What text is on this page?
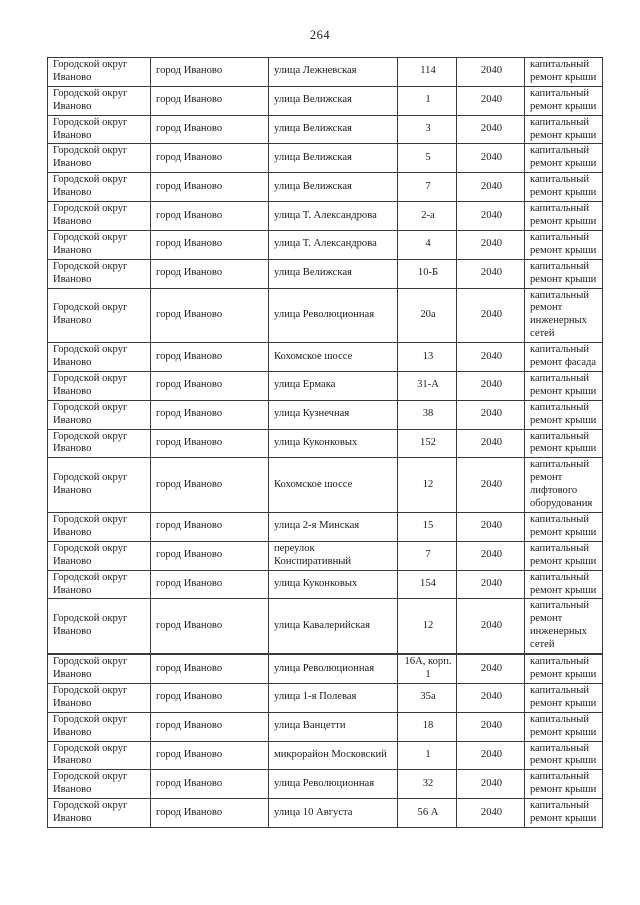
264
Городской округ Иваново	город Иваново	улица Лежневская	114	2040	капитальный ремонт крыши
Городской округ Иваново	город Иваново	улица Велижская	1	2040	капитальный ремонт крыши
Городской округ Иваново	город Иваново	улица Велижская	3	2040	капитальный ремонт крыши
Городской округ Иваново	город Иваново	улица Велижская	5	2040	капитальный ремонт крыши
Городской округ Иваново	город Иваново	улица Велижская	7	2040	капитальный ремонт крыши
Городской округ Иваново	город Иваново	улица Т. Александрова	2-а	2040	капитальный ремонт крыши
Городской округ Иваново	город Иваново	улица Т. Александрова	4	2040	капитальный ремонт крыши
Городской округ Иваново	город Иваново	улица Велижская	10-Б	2040	капитальный ремонт крыши
Городской округ Иваново	город Иваново	улица Революционная	20а	2040	капитальный ремонт инженерных сетей
Городской округ Иваново	город Иваново	Кохомское шоссе	13	2040	капитальный ремонт фасада
Городской округ Иваново	город Иваново	улица Ермака	31-А	2040	капитальный ремонт крыши
Городской округ Иваново	город Иваново	улица Кузнечная	38	2040	капитальный ремонт крыши
Городской округ Иваново	город Иваново	улица Куконковых	152	2040	капитальный ремонт крыши
Городской округ Иваново	город Иваново	Кохомское шоссе	12	2040	капитальный ремонт лифтового оборудования
Городской округ Иваново	город Иваново	улица 2-я Минская	15	2040	капитальный ремонт крыши
Городской округ Иваново	город Иваново	переулок Конспиративный	7	2040	капитальный ремонт крыши
Городской округ Иваново	город Иваново	улица Куконковых	154	2040	капитальный ремонт крыши
Городской округ Иваново	город Иваново	улица Кавалерийская	12	2040	капитальный ремонт инженерных сетей
Городской округ Иваново	город Иваново	улица Революционная	16А, корп. 1	2040	капитальный ремонт крыши
Городской округ Иваново	город Иваново	улица 1-я Полевая	35а	2040	капитальный ремонт крыши
Городской округ Иваново	город Иваново	улица Ванцетти	18	2040	капитальный ремонт крыши
Городской округ Иваново	город Иваново	микрорайон Московский	1	2040	капитальный ремонт крыши
Городской округ Иваново	город Иваново	улица Революционная	32	2040	капитальный ремонт крыши
Городской округ Иваново	город Иваново	улица 10 Августа	56 А	2040	капитальный ремонт крыши
